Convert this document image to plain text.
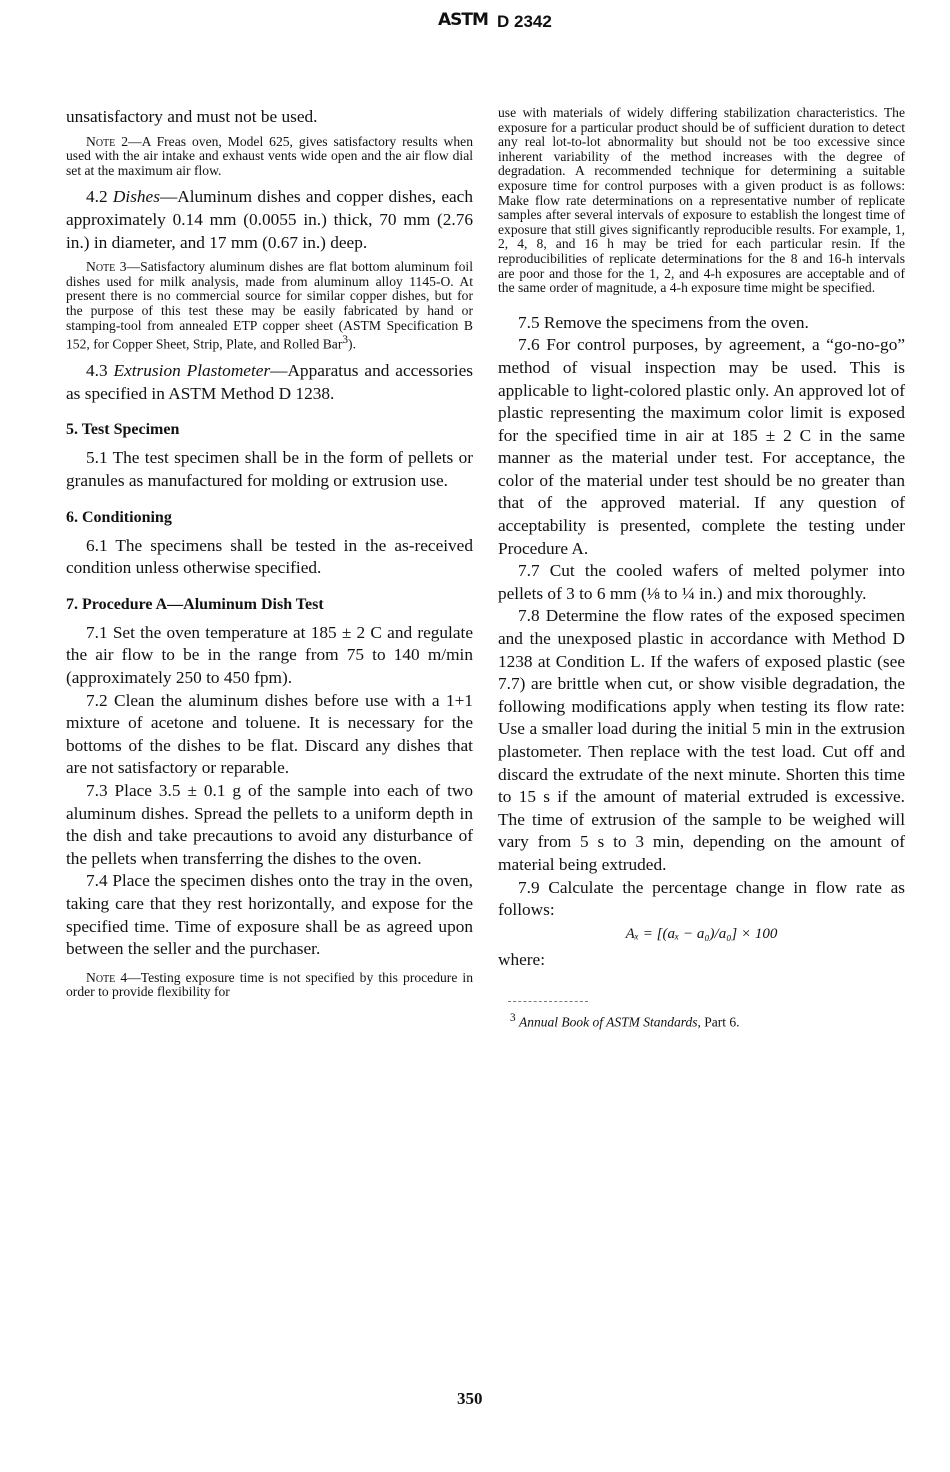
ASTM D 2342

unsatisfactory and must not be used.

Note 2—A Freas oven, Model 625, gives satisfactory results when used with the air intake and exhaust vents wide open and the air flow dial set at the maximum air flow.

4.2 Dishes—Aluminum dishes and copper dishes, each approximately 0.14 mm (0.0055 in.) thick, 70 mm (2.76 in.) in diameter, and 17 mm (0.67 in.) deep.

Note 3—Satisfactory aluminum dishes are flat bottom aluminum foil dishes used for milk analysis, made from aluminum alloy 1145-O. At present there is no commercial source for similar copper dishes, but for the purpose of this test these may be easily fabricated by hand or stamping-tool from annealed ETP copper sheet (ASTM Specification B 152, for Copper Sheet, Strip, Plate, and Rolled Bar$^3$).

4.3 Extrusion Plastometer—Apparatus and accessories as specified in ASTM Method D 1238.

5. Test Specimen

5.1 The test specimen shall be in the form of pellets or granules as manufactured for molding or extrusion use.

6. Conditioning

6.1 The specimens shall be tested in the as-received condition unless otherwise specified.

7. Procedure A—Aluminum Dish Test

7.1 Set the oven temperature at 185 ± 2 C and regulate the air flow to be in the range from 75 to 140 m/min (approximately 250 to 450 fpm).

7.2 Clean the aluminum dishes before use with a 1+1 mixture of acetone and toluene. It is necessary for the bottoms of the dishes to be flat. Discard any dishes that are not satisfactory or reparable.

7.3 Place 3.5 ± 0.1 g of the sample into each of two aluminum dishes. Spread the pellets to a uniform depth in the dish and take precautions to avoid any disturbance of the pellets when transferring the dishes to the oven.

7.4 Place the specimen dishes onto the tray in the oven, taking care that they rest horizontally, and expose for the specified time. Time of exposure shall be as agreed upon between the seller and the purchaser.

Note 4—Testing exposure time is not specified by this procedure in order to provide flexibility for

use with materials of widely differing stabilization characteristics. The exposure for a particular product should be of sufficient duration to detect any real lot-to-lot abnormality but should not be too excessive since inherent variability of the method increases with the degree of degradation. A recommended technique for determining a suitable exposure time for control purposes with a given product is as follows: Make flow rate determinations on a representative number of replicate samples after several intervals of exposure to establish the longest time of exposure that still gives significantly reproducible results. For example, 1, 2, 4, 8, and 16 h may be tried for each particular resin. If the reproducibilities of replicate determinations for the 8 and 16-h intervals are poor and those for the 1, 2, and 4-h exposures are acceptable and of the same order of magnitude, a 4-h exposure time might be specified.

7.5 Remove the specimens from the oven.

7.6 For control purposes, by agreement, a “go-no-go” method of visual inspection may be used. This is applicable to light-colored plastic only. An approved lot of plastic representing the maximum color limit is exposed for the specified time in air at 185 ± 2 C in the same manner as the material under test. For acceptance, the color of the material under test should be no greater than that of the approved material. If any question of acceptability is presented, complete the testing under Procedure A.

7.7 Cut the cooled wafers of melted polymer into pellets of 3 to 6 mm (⅛ to ¼ in.) and mix thoroughly.

7.8 Determine the flow rates of the exposed specimen and the unexposed plastic in accordance with Method D 1238 at Condition L. If the wafers of exposed plastic (see 7.7) are brittle when cut, or show visible degradation, the following modifications apply when testing its flow rate: Use a smaller load during the initial 5 min in the extrusion plastometer. Then replace with the test load. Cut off and discard the extrudate of the next minute. Shorten this time to 15 s if the amount of material extruded is excessive. The time of extrusion of the sample to be weighed will vary from 5 s to 3 min, depending on the amount of material being extruded.

7.9 Calculate the percentage change in flow rate as follows:

Aₓ = [(aₓ − a₀)/a₀] × 100

where:

$^3$ Annual Book of ASTM Standards, Part 6.
350
